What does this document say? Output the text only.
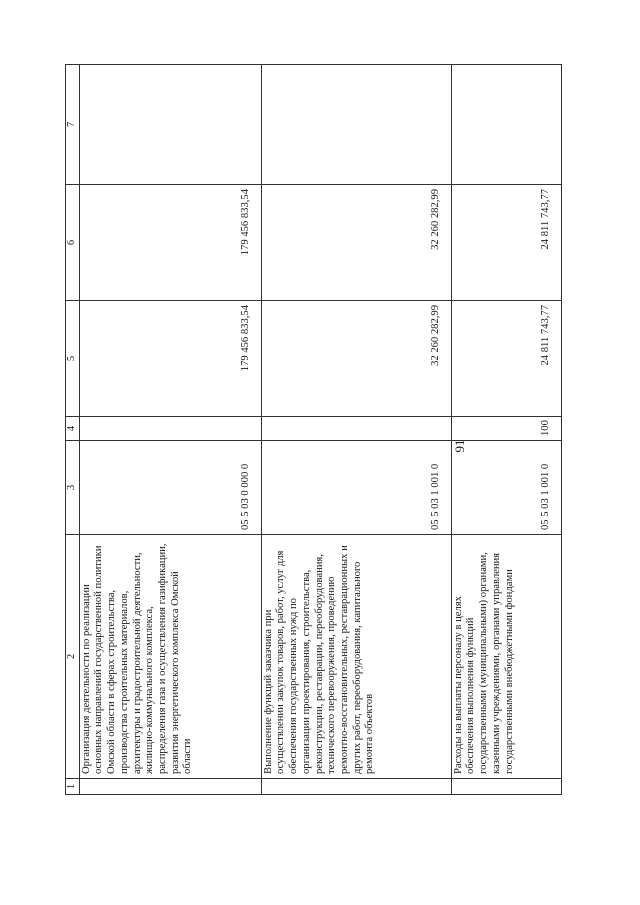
91
1	2	3	4	5	6	7
	Организация деятельности по реализации основных направлений государственной политики Омской области в сферах строительства, производства строительных материалов, архитектуры и градостроительной деятельности, жилищно-коммунального комплекса, распределения газа и осуществления газификации, развития энергетического комплекса Омской области	05 5 03 0 000 0		179 456 833,54	179 456 833,54	
	Выполнение функций заказчика при осуществлении закупок товаров, работ, услуг для обеспечения государственных нужд по организации проектирования, строительства, реконструкции, реставрации, переоборудования, технического перевооружения, проведению ремонтно-восстановительных, реставрационных и других работ, переоборудования, капитального ремонта объектов	05 5 03 1 001 0		32 260 282,99	32 260 282,99	
	Расходы на выплаты персоналу в целях обеспечения выполнения функций государственными (муниципальными) органами, казенными учреждениями, органами управления государственными внебюджетными фондами	05 5 03 1 001 0	100	24 811 743,77	24 811 743,77	
